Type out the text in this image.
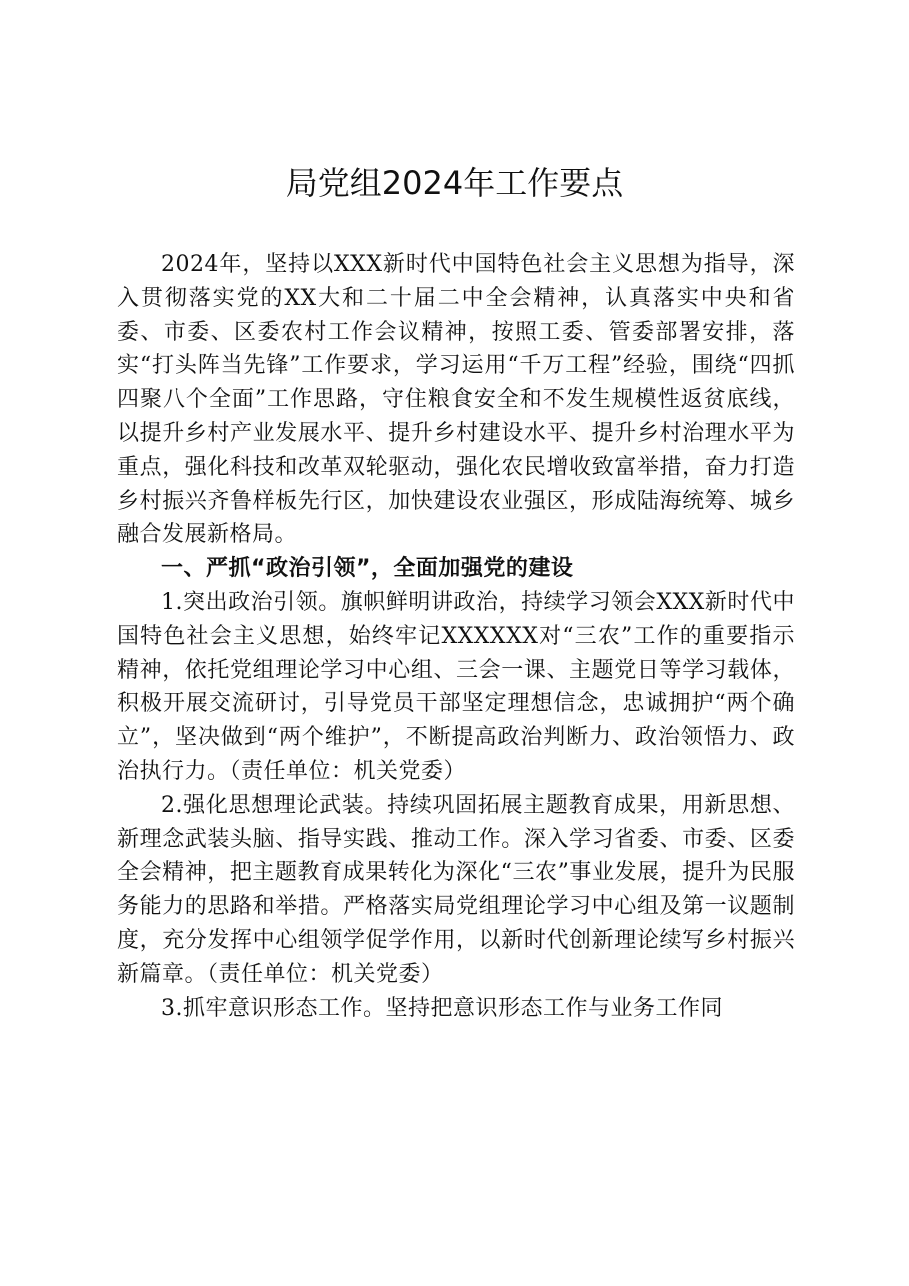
局党组2024年工作要点

2024年，坚持以XXX新时代中国特色社会主义思想为指导，深入贯彻落实党的XX大和二十届二中全会精神，认真落实中央和省委、市委、区委农村工作会议精神，按照工委、管委部署安排，落实“打头阵当先锋”工作要求，学习运用“千万工程”经验，围绕“四抓四聚八个全面”工作思路，守住粮食安全和不发生规模性返贫底线，以提升乡村产业发展水平、提升乡村建设水平、提升乡村治理水平为重点，强化科技和改革双轮驱动，强化农民增收致富举措，奋力打造乡村振兴齐鲁样板先行区，加快建设农业强区，形成陆海统筹、城乡融合发展新格局。

一、严抓“政治引领”，全面加强党的建设

1.突出政治引领。旗帜鲜明讲政治，持续学习领会XXX新时代中国特色社会主义思想，始终牢记XXXXXX对“三农”工作的重要指示精神，依托党组理论学习中心组、三会一课、主题党日等学习载体，积极开展交流研讨，引导党员干部坚定理想信念，忠诚拥护“两个确立”，坚决做到“两个维护”，不断提高政治判断力、政治领悟力、政治执行力。（责任单位：机关党委）

2.强化思想理论武装。持续巩固拓展主题教育成果，用新思想、新理念武装头脑、指导实践、推动工作。深入学习省委、市委、区委全会精神，把主题教育成果转化为深化“三农”事业发展，提升为民服务能力的思路和举措。严格落实局党组理论学习中心组及第一议题制度，充分发挥中心组领学促学作用，以新时代创新理论续写乡村振兴新篇章。（责任单位：机关党委）

3.抓牢意识形态工作。坚持把意识形态工作与业务工作同
